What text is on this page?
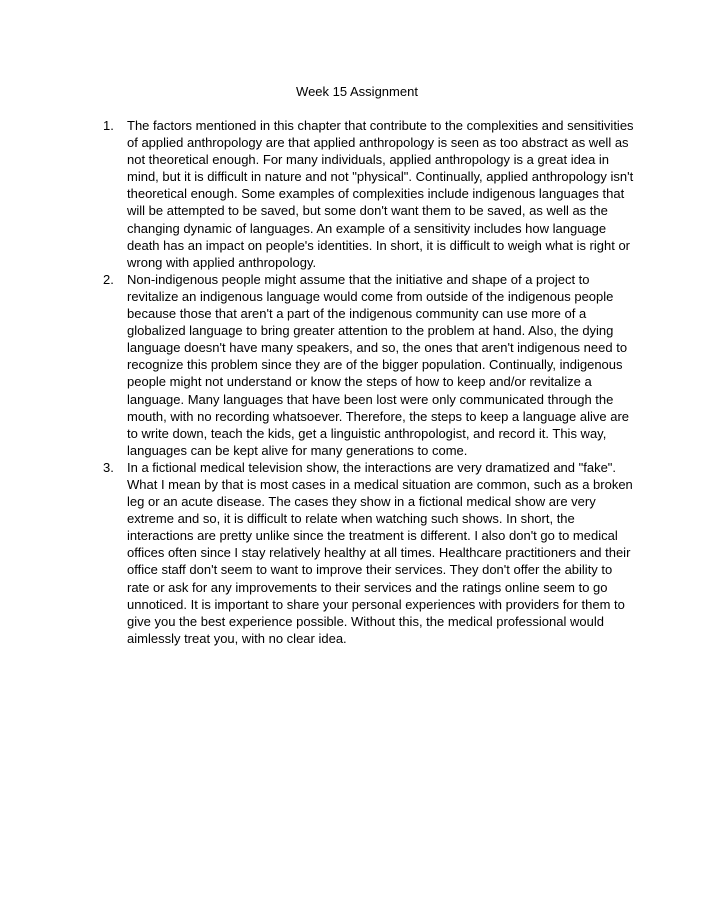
Week 15 Assignment
1. The factors mentioned in this chapter that contribute to the complexities and sensitivities of applied anthropology are that applied anthropology is seen as too abstract as well as not theoretical enough. For many individuals, applied anthropology is a great idea in mind, but it is difficult in nature and not "physical". Continually, applied anthropology isn't theoretical enough. Some examples of complexities include indigenous languages that will be attempted to be saved, but some don't want them to be saved, as well as the changing dynamic of languages. An example of a sensitivity includes how language death has an impact on people's identities. In short, it is difficult to weigh what is right or wrong with applied anthropology.
2. Non-indigenous people might assume that the initiative and shape of a project to revitalize an indigenous language would come from outside of the indigenous people because those that aren't a part of the indigenous community can use more of a globalized language to bring greater attention to the problem at hand. Also, the dying language doesn't have many speakers, and so, the ones that aren't indigenous need to recognize this problem since they are of the bigger population. Continually, indigenous people might not understand or know the steps of how to keep and/or revitalize a language. Many languages that have been lost were only communicated through the mouth, with no recording whatsoever. Therefore, the steps to keep a language alive are to write down, teach the kids, get a linguistic anthropologist, and record it. This way, languages can be kept alive for many generations to come.
3. In a fictional medical television show, the interactions are very dramatized and "fake". What I mean by that is most cases in a medical situation are common, such as a broken leg or an acute disease. The cases they show in a fictional medical show are very extreme and so, it is difficult to relate when watching such shows. In short, the interactions are pretty unlike since the treatment is different. I also don't go to medical offices often since I stay relatively healthy at all times. Healthcare practitioners and their office staff don't seem to want to improve their services. They don't offer the ability to rate or ask for any improvements to their services and the ratings online seem to go unnoticed. It is important to share your personal experiences with providers for them to give you the best experience possible. Without this, the medical professional would aimlessly treat you, with no clear idea.
